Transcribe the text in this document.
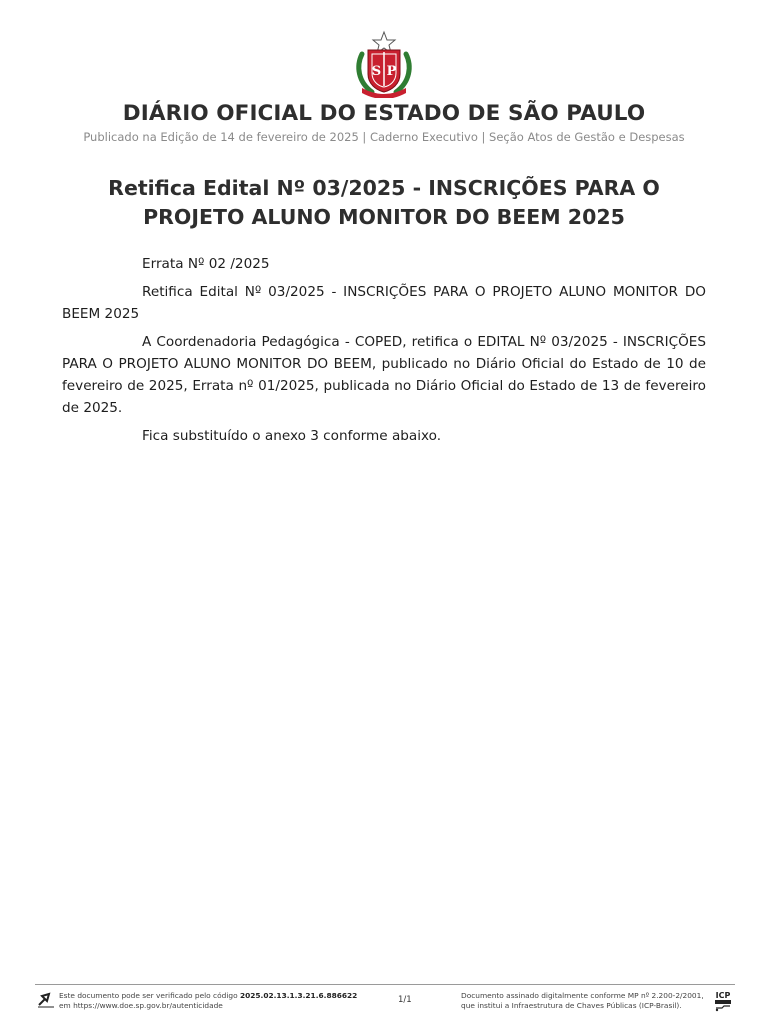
S P
DIÁRIO OFICIAL DO ESTADO DE SÃO PAULO
Publicado na Edição de 14 de fevereiro de 2025 | Caderno Executivo | Seção Atos de Gestão e Despesas
Retifica Edital Nº 03/2025 - INSCRIÇÕES PARA O PROJETO ALUNO MONITOR DO BEEM 2025

Errata Nº 02 /2025

Retifica Edital Nº 03/2025 - INSCRIÇÕES PARA O PROJETO ALUNO MONITOR DO BEEM 2025

A Coordenadoria Pedagógica - COPED, retifica o EDITAL Nº 03/2025 - INSCRIÇÕES PARA O PROJETO ALUNO MONITOR DO BEEM, publicado no Diário Oficial do Estado de 10 de fevereiro de 2025, Errata nº 01/2025, publicada no Diário Oficial do Estado de 13 de fevereiro de 2025.

Fica substituído o anexo 3 conforme abaixo.

Este documento pode ser verificado pelo código 2025.02.13.1.3.21.6.886622
em https://www.doe.sp.gov.br/autenticidade
1/1	Documento assinado digitalmente conforme MP nº 2.200-2/2001,
que institui a Infraestrutura de Chaves Públicas (ICP-Brasil).
ICP
